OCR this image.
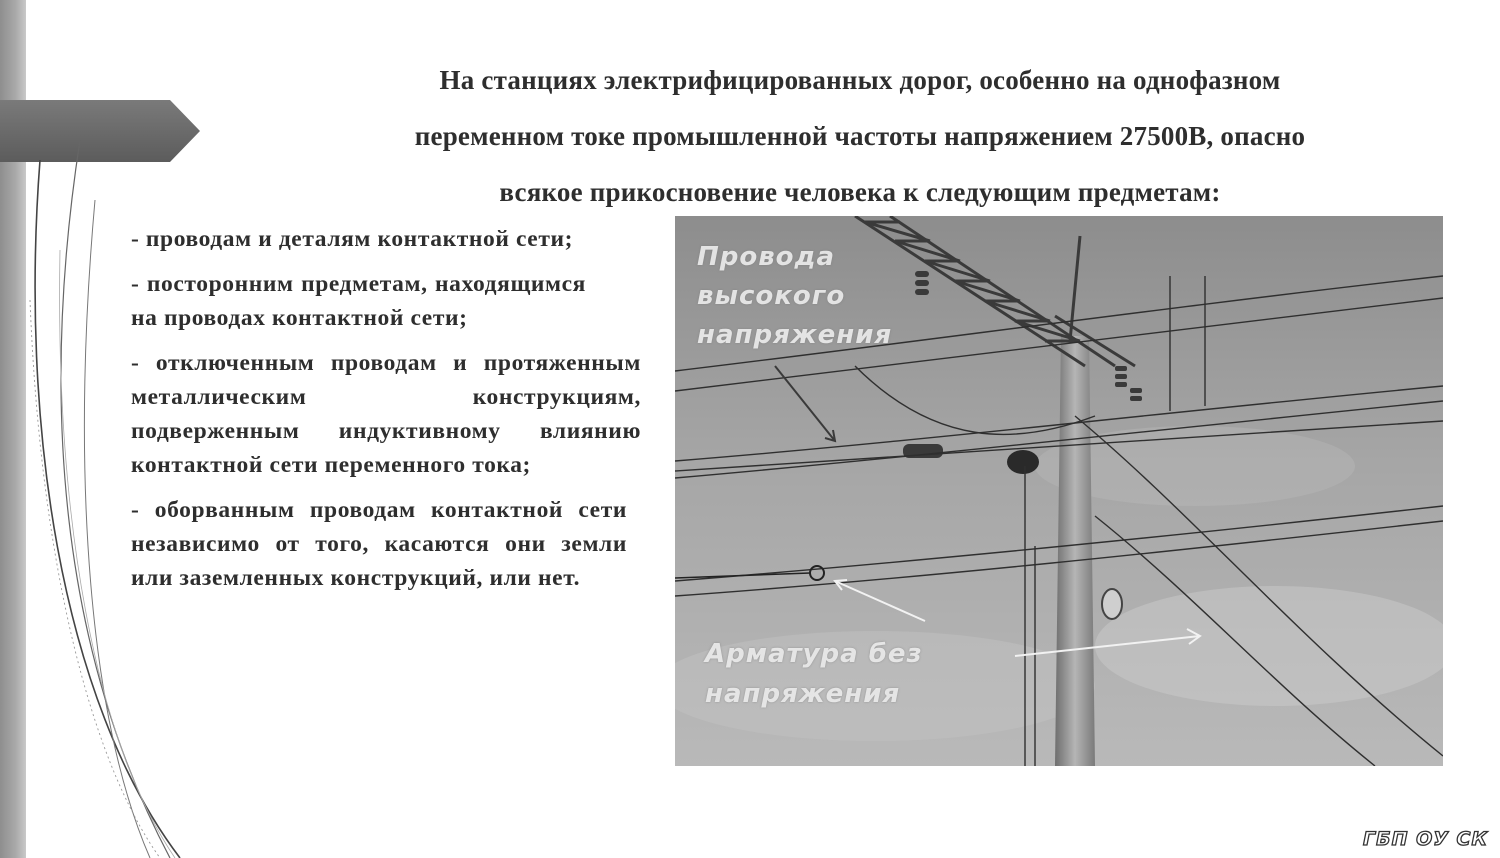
На станциях электрифицированных дорог, особенно на однофазном
переменном токе промышленной частоты напряжением 27500В, опасно
всякое прикосновение человека к следующим предметам:
- проводам и деталям контактной сети;
- посторонним предметам, находящимся на проводах контактной сети;
- отключенным проводам и протяженным металлическим конструкциям, подверженным индуктивному влиянию контактной сети переменного тока;
- оборванным проводам контактной сети независимо от того, касаются они земли или заземленных конструкций, или нет.
Провода высокого напряжения
Арматура без напряжения
ГБП ОУ СК
